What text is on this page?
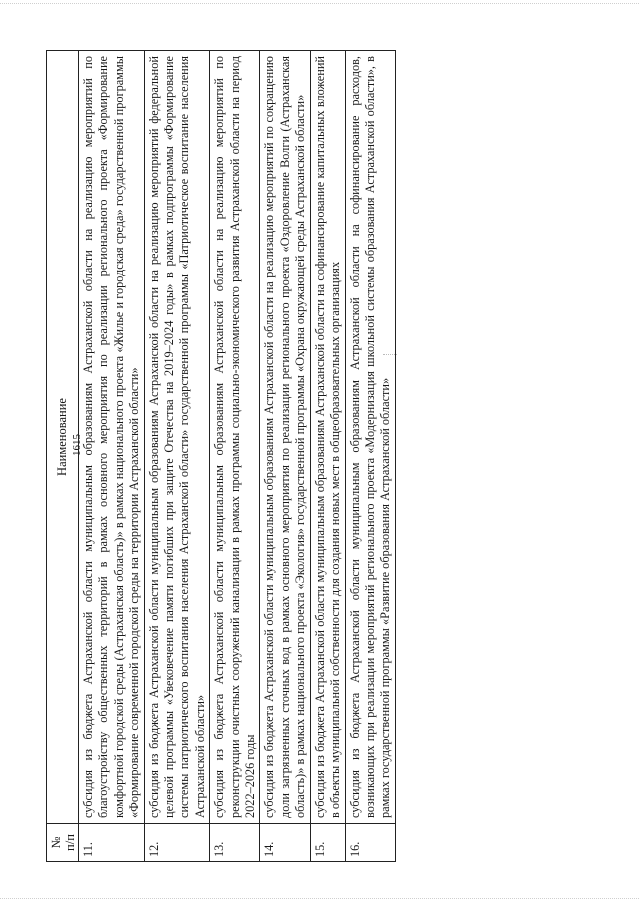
1615
№
п/п	Наименование
11.	субсидия из бюджета Астраханской области муниципальным образованиям Астраханской области на реализацию мероприятий по благоустройству общественных территорий в рамках основного мероприятия по реализации регионального проекта «Формирование комфортной городской среды (Астраханская область)» в рамках национального проекта «Жилье и городская среда» государственной программы «Формирование современной городской среды на территории Астраханской области»
12.	субсидия из бюджета Астраханской области муниципальным образованиям Астраханской области на реализацию мероприятий федеральной целевой программы «Увековечение памяти погибших при защите Отечества на 2019–2024 годы» в рамках подпрограммы «Формирование системы патриотического воспитания населения Астраханской области» государственной программы «Патриотическое воспитание населения Астраханской области»
13.	субсидия из бюджета Астраханской области муниципальным образованиям Астраханской области на реализацию мероприятий по реконструкции очистных сооружений канализации в рамках программы социально-экономического развития Астраханской области на период 2022–2026 годы
14.	субсидия из бюджета Астраханской области муниципальным образованиям Астраханской области на реализацию мероприятий по сокращению доли загрязненных сточных вод в рамках основного мероприятия по реализации регионального проекта «Оздоровление Волги (Астраханская область)» в рамках национального проекта «Экология» государственной программы «Охрана окружающей среды Астраханской области»
15.	субсидия из бюджета Астраханской области муниципальным образованиям Астраханской области на софинансирование капитальных вложений в объекты муниципальной собственности для создания новых мест в общеобразовательных организациях
16.	субсидия из бюджета Астраханской области муниципальным образованиям Астраханской области на софинансирование расходов, возникающих при реализации мероприятий регионального проекта «Модернизация школьной системы образования Астраханской области», в рамках государственной программы «Развитие образования Астраханской области»
